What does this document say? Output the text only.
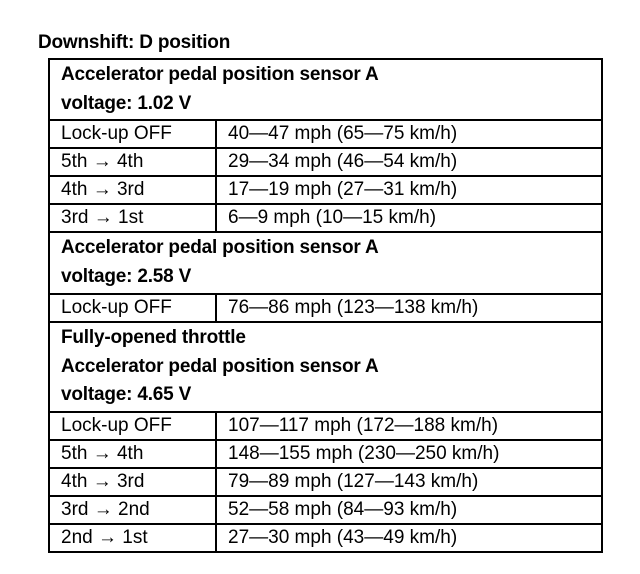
Downshift: D position
Accelerator pedal position sensor A
voltage: 1.02 V	

Lock-up OFF	40—47 mph (65—75 km/h)
5th → 4th	29—34 mph (46—54 km/h)
4th → 3rd	17—19 mph (27—31 km/h)
3rd → 1st	6—9 mph (10—15 km/h)

Accelerator pedal position sensor A
voltage: 2.58 V	

Lock-up OFF	76—86 mph (123—138 km/h)

Fully-opened throttle
Accelerator pedal position sensor A
voltage: 4.65 V	

Lock-up OFF	107—117 mph (172—188 km/h)
5th → 4th	148—155 mph (230—250 km/h)
4th → 3rd	79—89 mph (127—143 km/h)
3rd → 2nd	52—58 mph (84—93 km/h)
2nd → 1st	27—30 mph (43—49 km/h)
